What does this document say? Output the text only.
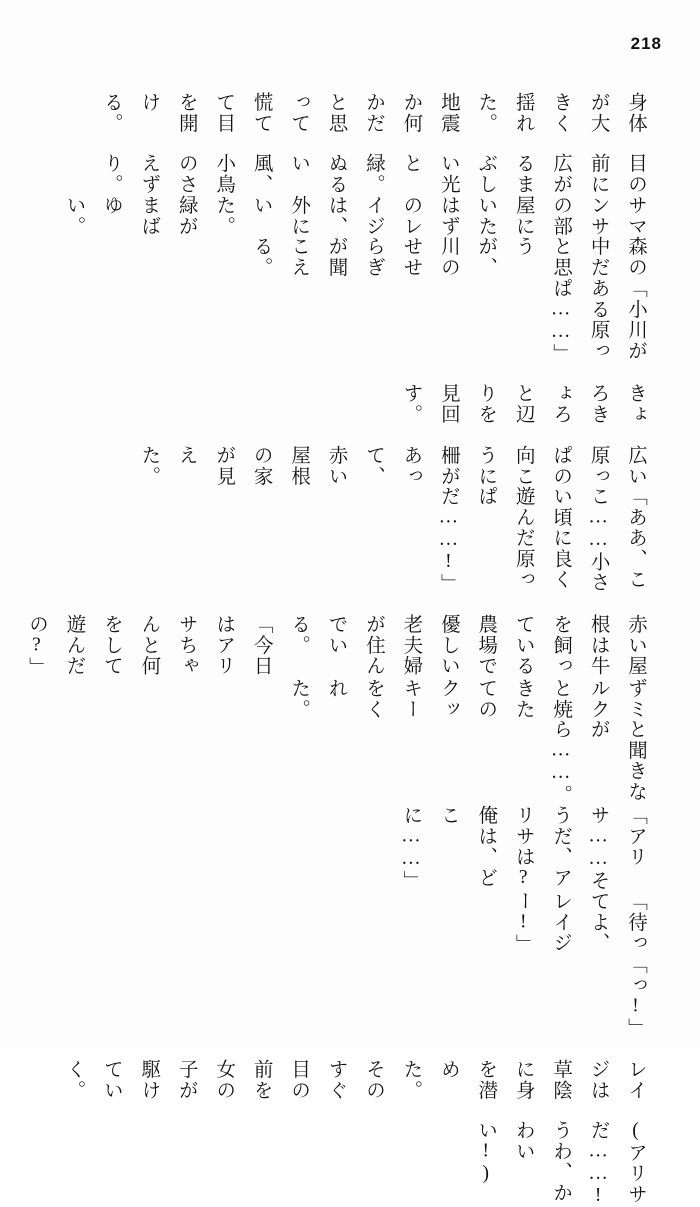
218

身体が大きく揺れた。地震か何かだと思って慌てて目を開ける。

目の前に広がるまぶしい光と緑。ぬるい風、小鳥のさえずり。

サマンサの部屋にいたはずのレイジは、外にいた。緑がまばゆい。

森の中だと思うが、川のせせらぎが聞こえる。

「小川がある原っぱ……」

きょろきょろと辺りを見回す。

広い原っぱの向こうに柵があって、赤い屋根の家が見えた。

「ああ、ここ……小さい頃に良く遊んだ原っぱだ……!」

赤い屋根は牛を飼っている農場で優しい老夫婦が住んでいる。「今日はアリサちゃんと何をして遊んだの?」

ずミルクと焼きたてのクッキーをくれた。

と聞きながら……。

「アリサ……そうだ、アリサは? 俺は、どこに……」

「待ってよ、レイジー!」

「っ!」

レイジは草陰に身を潜めた。そのすぐ目の前を女の子が駆けていく。

(アリサだ……! うわ、かわいい!)
